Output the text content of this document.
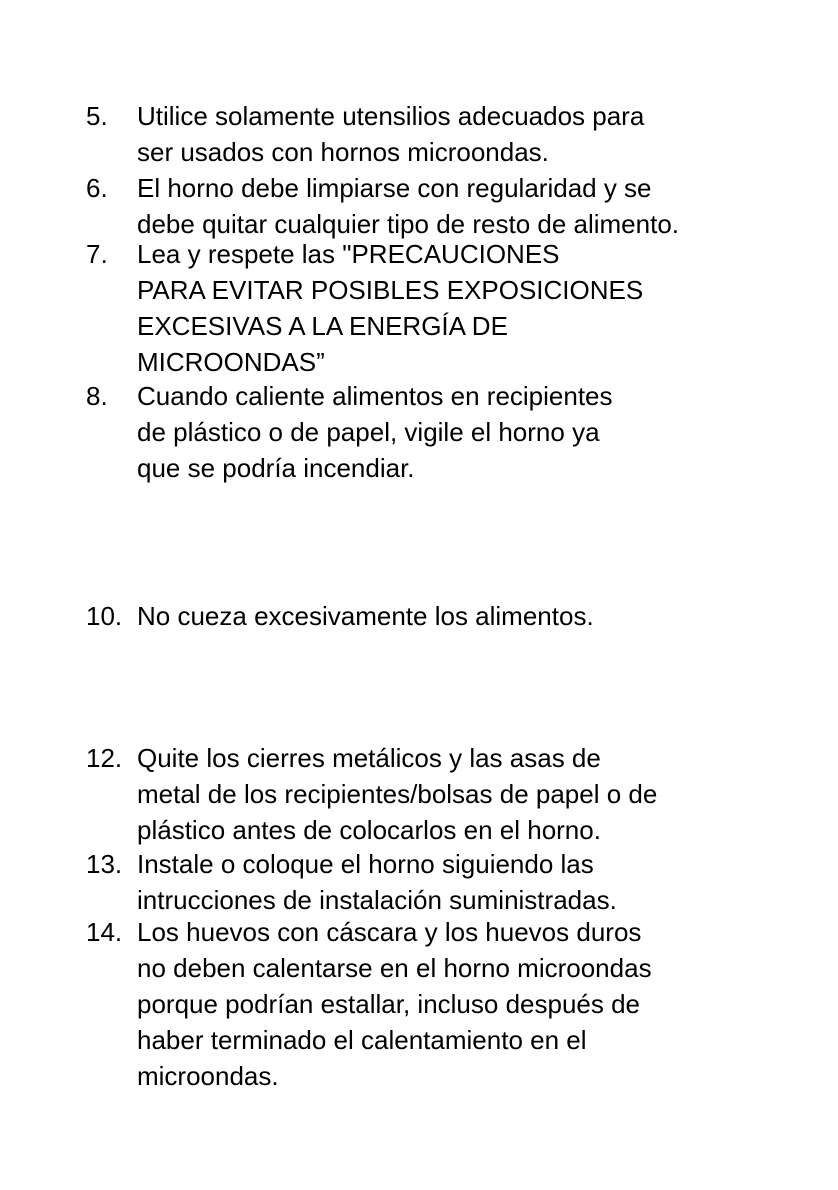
5. Utilice solamente utensilios adecuados para
ser usados con hornos microondas.
6. El horno debe limpiarse con regularidad y se
debe quitar cualquier tipo de resto de alimento.
7. Lea y respete las "PRECAUCIONES
PARA EVITAR POSIBLES EXPOSICIONES
EXCESIVAS A LA ENERGÍA DE
MICROONDAS”
8. Cuando caliente alimentos en recipientes
de plástico o de papel, vigile el horno ya
que se podría incendiar.
10. No cueza excesivamente los alimentos.
12. Quite los cierres metálicos y las asas de
metal de los recipientes/bolsas de papel o de
plástico antes de colocarlos en el horno.
13. Instale o coloque el horno siguiendo las
intrucciones de instalación suministradas.
14. Los huevos con cáscara y los huevos duros
no deben calentarse en el horno microondas
porque podrían estallar, incluso después de
haber terminado el calentamiento en el
microondas.
